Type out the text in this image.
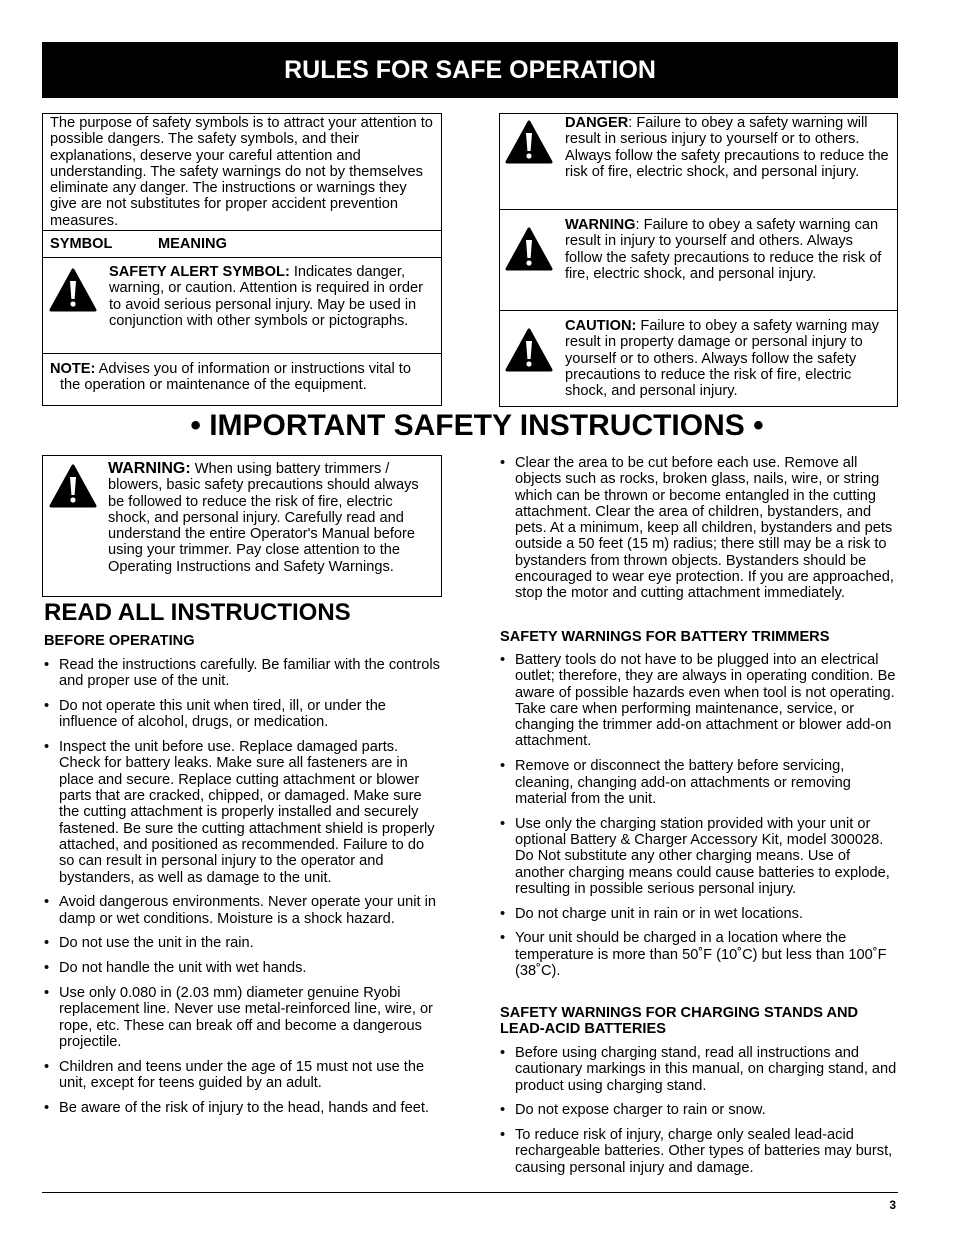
RULES FOR SAFE OPERATION
The purpose of safety symbols is to attract your attention to possible dangers. The safety symbols, and their explanations, deserve your careful attention and understanding. The safety warnings do not by themselves eliminate any danger. The instructions or warnings they give are not substitutes for proper accident prevention measures.
SYMBOL	MEANING
SAFETY ALERT SYMBOL: Indicates danger, warning, or caution. Attention is required in order to avoid serious personal injury. May be used in conjunction with other symbols or pictographs.
NOTE: Advises you of information or instructions vital to the operation or maintenance of the equipment.
DANGER: Failure to obey a safety warning will result in serious injury to yourself or to others. Always follow the safety precautions to reduce the risk of fire, electric shock, and personal injury.
WARNING: Failure to obey a safety warning can result in injury to yourself and others. Always follow the safety precautions to reduce the risk of fire, electric shock, and personal injury.
CAUTION: Failure to obey a safety warning may result in property damage or personal injury to yourself or to others. Always follow the safety precautions to reduce the risk of fire, electric shock, and personal injury.
• IMPORTANT SAFETY INSTRUCTIONS •
WARNING: When using battery trimmers / blowers, basic safety precautions should always be followed to reduce the risk of fire, electric shock, and personal injury. Carefully read and understand the entire Operator's Manual before using your trimmer. Pay close attention to the Operating Instructions and Safety Warnings.
READ ALL INSTRUCTIONS
BEFORE OPERATING
• Read the instructions carefully. Be familiar with the controls and proper use of the unit.
• Do not operate this unit when tired, ill, or under the influence of alcohol, drugs, or medication.
• Inspect the unit before use. Replace damaged parts. Check for battery leaks. Make sure all fasteners are in place and secure. Replace cutting attachment or blower parts that are cracked, chipped, or damaged. Make sure the cutting attachment is properly installed and securely fastened. Be sure the cutting attachment shield is properly attached, and positioned as recommended. Failure to do so can result in personal injury to the operator and bystanders, as well as damage to the unit.
• Avoid dangerous environments. Never operate your unit in damp or wet conditions. Moisture is a shock hazard.
• Do not use the unit in the rain.
• Do not handle the unit with wet hands.
• Use only 0.080 in (2.03 mm) diameter genuine Ryobi replacement line. Never use metal-reinforced line, wire, or rope, etc. These can break off and become a dangerous projectile.
• Children and teens under the age of 15 must not use the unit, except for teens guided by an adult.
• Be aware of the risk of injury to the head, hands and feet.
• Clear the area to be cut before each use. Remove all objects such as rocks, broken glass, nails, wire, or string which can be thrown or become entangled in the cutting attachment. Clear the area of children, bystanders, and pets. At a minimum, keep all children, bystanders and pets outside a 50 feet (15 m) radius; there still may be a risk to bystanders from thrown objects. Bystanders should be encouraged to wear eye protection. If you are approached, stop the motor and cutting attachment immediately.
SAFETY WARNINGS FOR BATTERY TRIMMERS
• Battery tools do not have to be plugged into an electrical outlet; therefore, they are always in operating condition. Be aware of possible hazards even when tool is not operating. Take care when performing maintenance, service, or changing the trimmer add-on attachment or blower add-on attachment.
• Remove or disconnect the battery before servicing, cleaning, changing add-on attachments or removing material from the unit.
• Use only the charging station provided with your unit or optional Battery & Charger Accessory Kit, model 300028. Do Not substitute any other charging means. Use of another charging means could cause batteries to explode, resulting in possible serious personal injury.
• Do not charge unit in rain or in wet locations.
• Your unit should be charged in a location where the temperature is more than 50˚F (10˚C) but less than 100˚F (38˚C).
SAFETY WARNINGS FOR CHARGING STANDS AND LEAD-ACID BATTERIES
• Before using charging stand, read all instructions and cautionary markings in this manual, on charging stand, and product using charging stand.
• Do not expose charger to rain or snow.
• To reduce risk of injury, charge only sealed lead-acid rechargeable batteries. Other types of batteries may burst, causing personal injury and damage.
3
